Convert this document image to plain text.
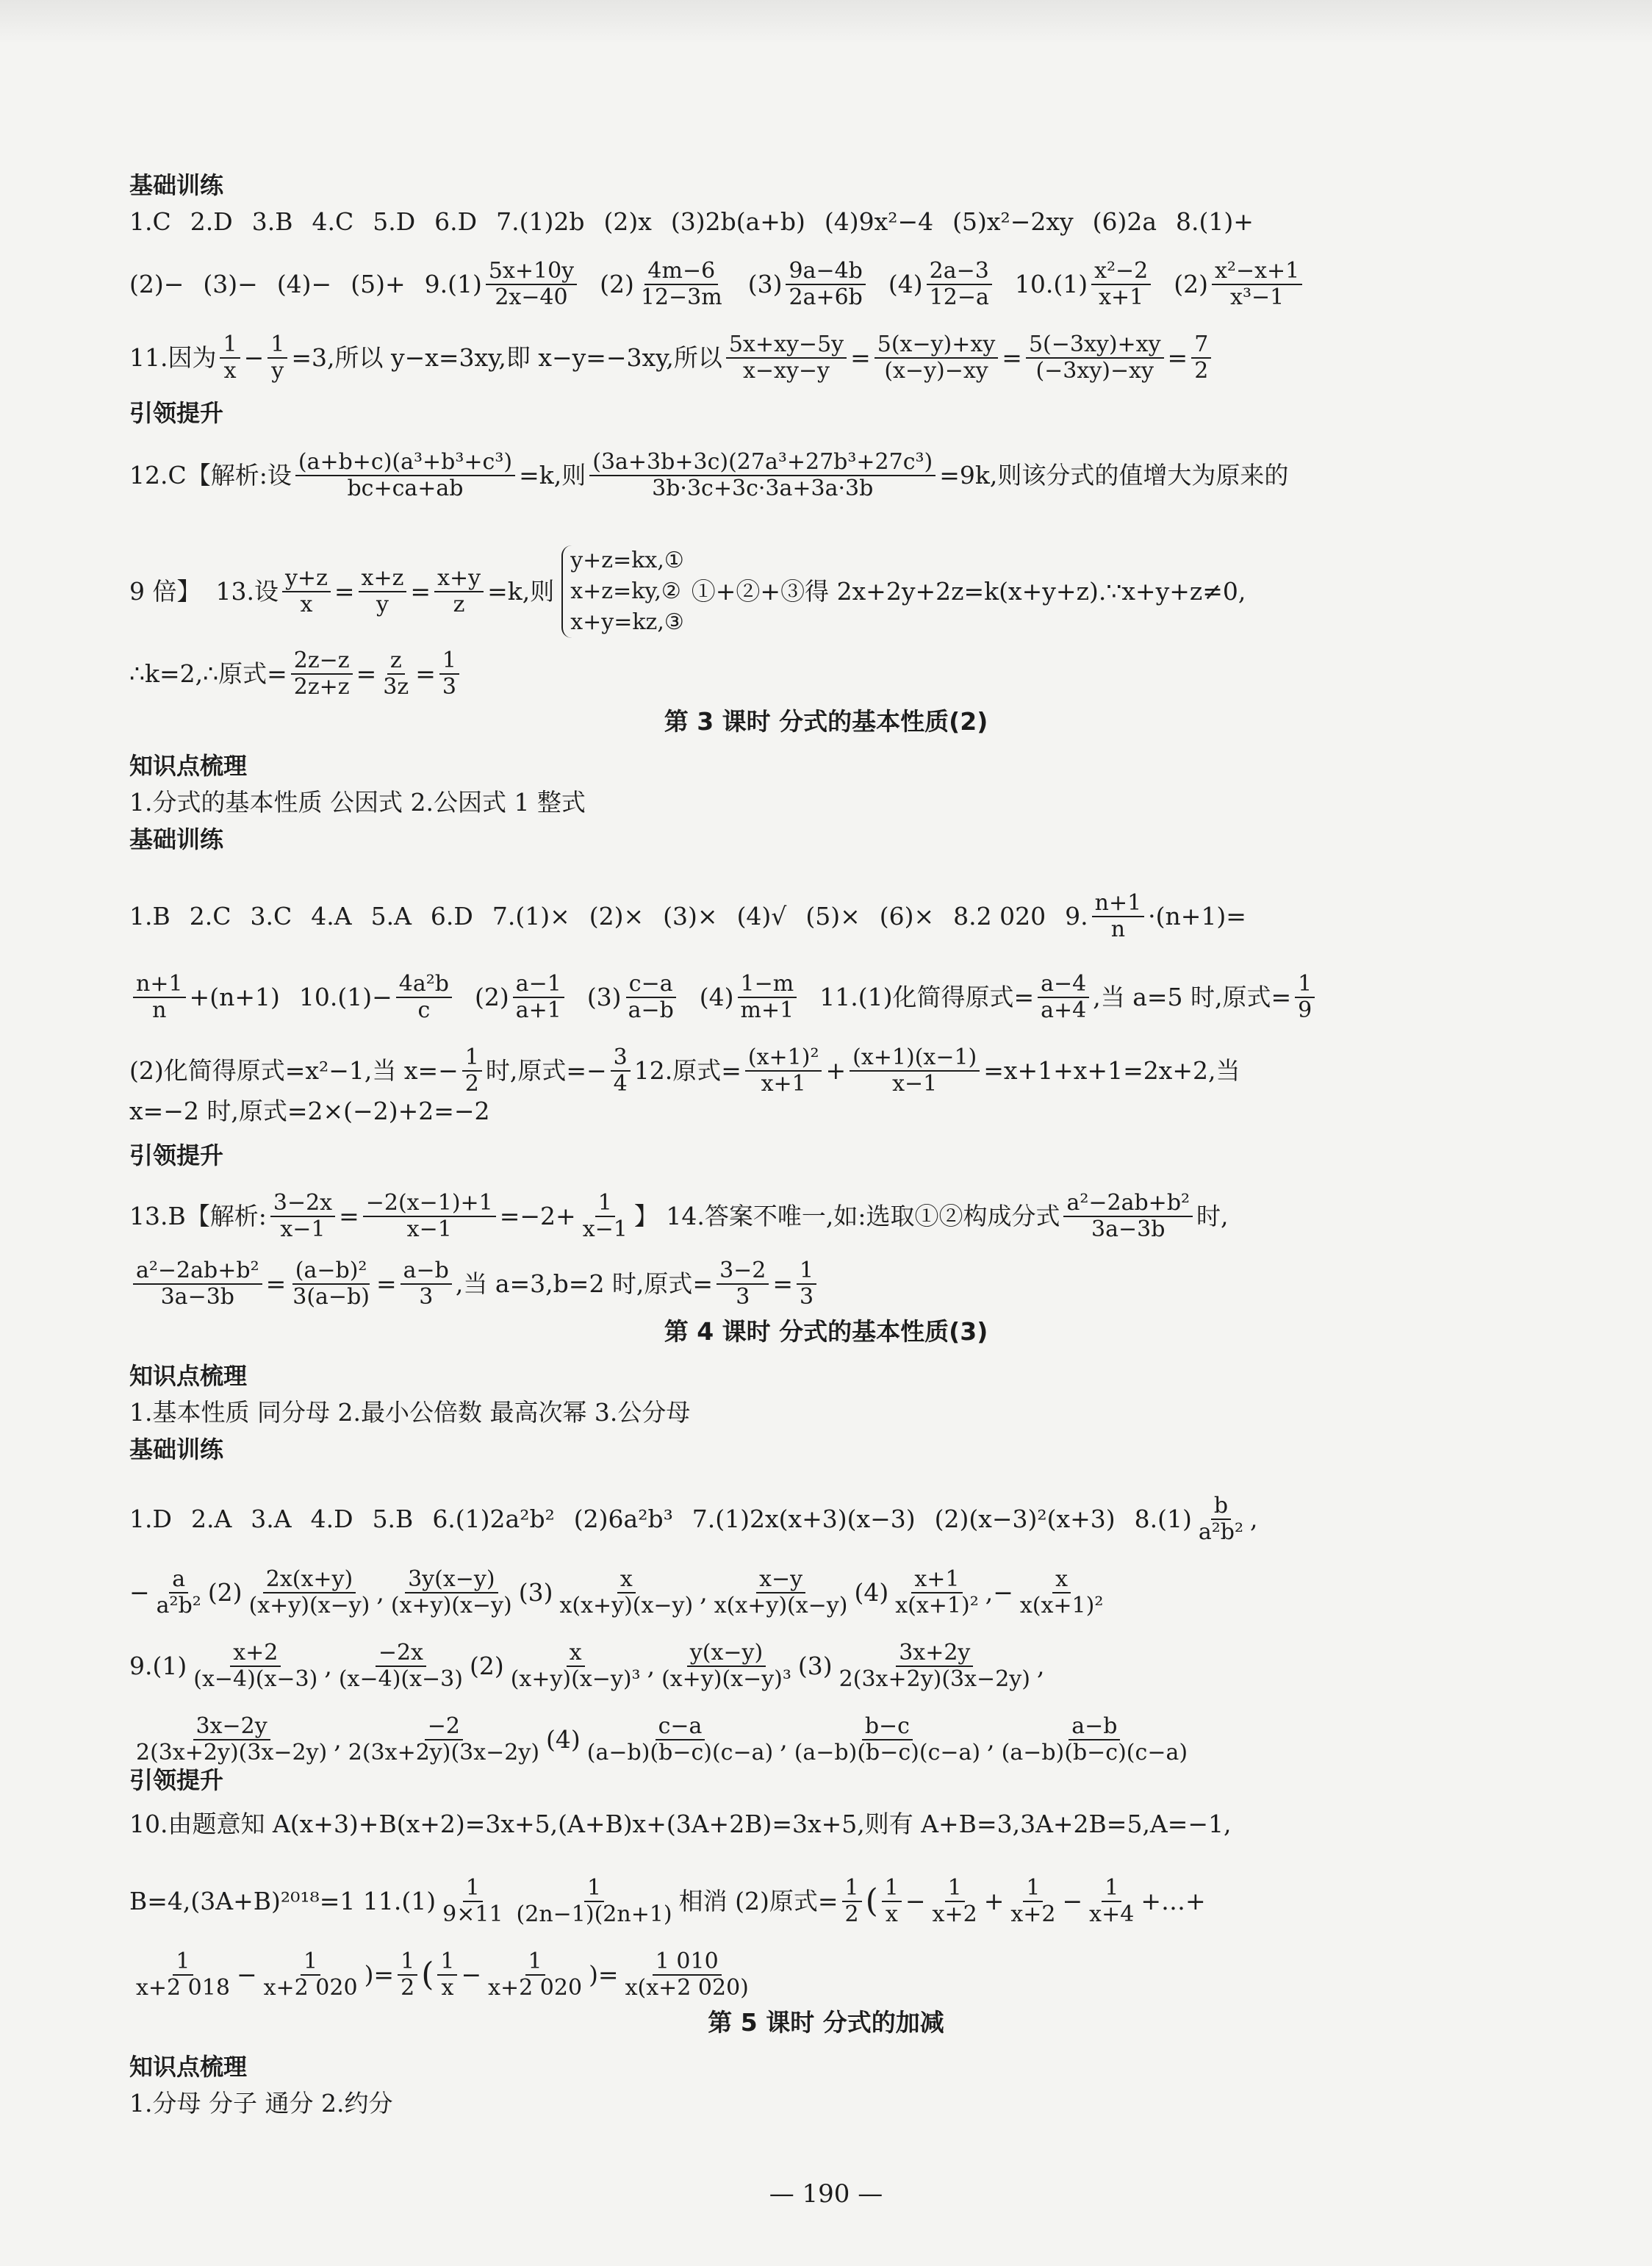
基础训练
1.C 2.D 3.B 4.C 5.D 6.D 7.(1)2b (2)x (3)2b(a+b) (4)9x²−4 (5)x²−2xy (6)2a 8.(1)+
$(2)- (3)- (4)- (5)+ 9.(1) \frac{5x+10y}{2x-40} (2) \frac{4m-6}{12-3m} (3) \frac{9a-4b}{2a+6b} (4) \frac{2a-3}{12-a} 10.(1) \frac{\text{x²−2}}{x+1} (2) \frac{\text{x²−x+1}}{\text{x³−1}}$
11.因为 $\frac{1}{x} - \frac{1}{y} =3$,所以 y−x=3xy,即 x−y=−3xy,所以 $\frac{5x+xy-5y}{x-xy-y} = \frac{5(x-y)+xy}{(x-y)-xy} = \frac{5(-3xy)+xy}{(-3xy)-xy} = \frac{7}{2}$
引领提升
12.C【解析:设 $\frac{\text{(a+b+c)(a³+b³+c³)}}{bc+ca+ab} =k$,则 $\frac{\text{(3a+3b+3c)(27a³+27b³+27c³)}}{3b\cdot 3c+3c\cdot 3a+3a\cdot 3b} =9k$,则该分式的值增大为原来的
9 倍】 13.设 $\frac{y+z}{x} = \frac{x+z}{y} = \frac{x+y}{z} =k$,则
y+z=kx,①
x+z=ky,②
x+y=kz,③
①+②+③得 2x+2y+2z=k(x+y+z).∵x+y+z≠0,
∴k=2,∴原式= $\frac{2z-z}{2z+z} = \frac{z}{3z} = \frac{1}{3}$
第 3 课时 分式的基本性质(2)
知识点梳理
1.分式的基本性质 公因式 2.公因式 1 整式
基础训练
1.B 2.C 3.C 4.A 5.A 6.D 7.(1)× (2)× (3)× (4)√ (5)× (6)× 8.2 020 9. $\frac{n+1}{n} \cdot(n+1)=$
$\frac{n+1}{n} +(n+1)$ $10.(1)- \frac{\text{4a²b}}{c} (2) \frac{a-1}{a+1} (3) \frac{c-a}{a-b} (4) \frac{1-m}{m+1} 11.(1)$化简得原式= $\frac{a-4}{a+4}$ ,当 a=5 时,原式= $\frac{1}{9}$
(2)化简得原式=x²−1,当 $x=- \frac{1}{2}$ 时,原式=− $\frac{3}{4} 12$.原式= $\frac{\text{(x+1)²}}{x+1} + \frac{(x+1)(x-1)}{x-1} =x+1+x+1=2x+2$,当
x=−2 时,原式=2×(−2)+2=−2
引领提升
13.B【解析: $\frac{3-2x}{x-1} = \frac{-2(x-1)+1}{x-1} =-2+ \frac{1}{x-1}$ 】 14.答案不唯一,如:选取①②构成分式 $\frac{\text{a²−2ab+b²}}{3a-3b}$ 时,
$\frac{\text{a²−2ab+b²}}{3a-3b} = \frac{\text{(a−b)²}}{3(a-b)} = \frac{a-b}{3}$ ,当 a=3,b=2 时,原式= $\frac{3-2}{3} = \frac{1}{3}$
第 4 课时 分式的基本性质(3)
知识点梳理
1.基本性质 同分母 2.最小公倍数 最高次幂 3.公分母
基础训练
1.D 2.A 3.A 4.D 5.B 6.(1)2a²b² (2)6a²b³ 7.(1)2x(x+3)(x−3) (2)(x−3)²(x+3) $8.(1) \frac{b}{\text{a²b²}}$ ,
− $\frac{a}{\text{a²b²}} (2) \frac{2x(x+y)}{(x+y)(x-y)}$ , $\frac{3y(x-y)}{(x+y)(x-y)} (3) \frac{x}{x(x+y)(x-y)}$ , $\frac{x-y}{x(x+y)(x-y)} (4) \frac{x+1}{\text{x(x+1)²}}$ , − $\frac{x}{\text{x(x+1)²}}$
$9.(1) \frac{x+2}{(x-4)(x-3)}$ , $\frac{-2x}{(x-4)(x-3)} (2) \frac{x}{\text{(x+y)(x−y)³}}$ , $\frac{y(x-y)}{\text{(x+y)(x−y)³}} (3) \frac{3x+2y}{2(3x+2y)(3x-2y)}$ ,
$\frac{3x-2y}{2(3x+2y)(3x-2y)}$ , $\frac{-2}{2(3x+2y)(3x-2y)} (4) \frac{c-a}{(a-b)(b-c)(c-a)}$ , $\frac{b-c}{(a-b)(b-c)(c-a)}$ , $\frac{a-b}{(a-b)(b-c)(c-a)}$
引领提升
10.由题意知 A(x+3)+B(x+2)=3x+5,(A+B)x+(3A+2B)=3x+5,则有 A+B=3,3A+2B=5,A=−1,
B=4,(3A+B)²⁰¹⁸=1 $11.(1) \frac{1}{9\times 11} \frac{1}{(2n-1)(2n+1)}$ 相消 (2)原式= $\frac{1}{2}$ ( $\frac{1}{x} - \frac{1}{x+2} + \frac{1}{x+2} - \frac{1}{x+4}$ +…+
$\frac{1}{x+2 018} - \frac{1}{x+2 020}$ )= $\frac{1}{2}$ ( $\frac{1}{x} - \frac{1}{x+2 020}$ )= $\frac{1 010}{x(x+2 020)}$
第 5 课时 分式的加减
知识点梳理
1.分母 分子 通分 2.约分
— 190 —
